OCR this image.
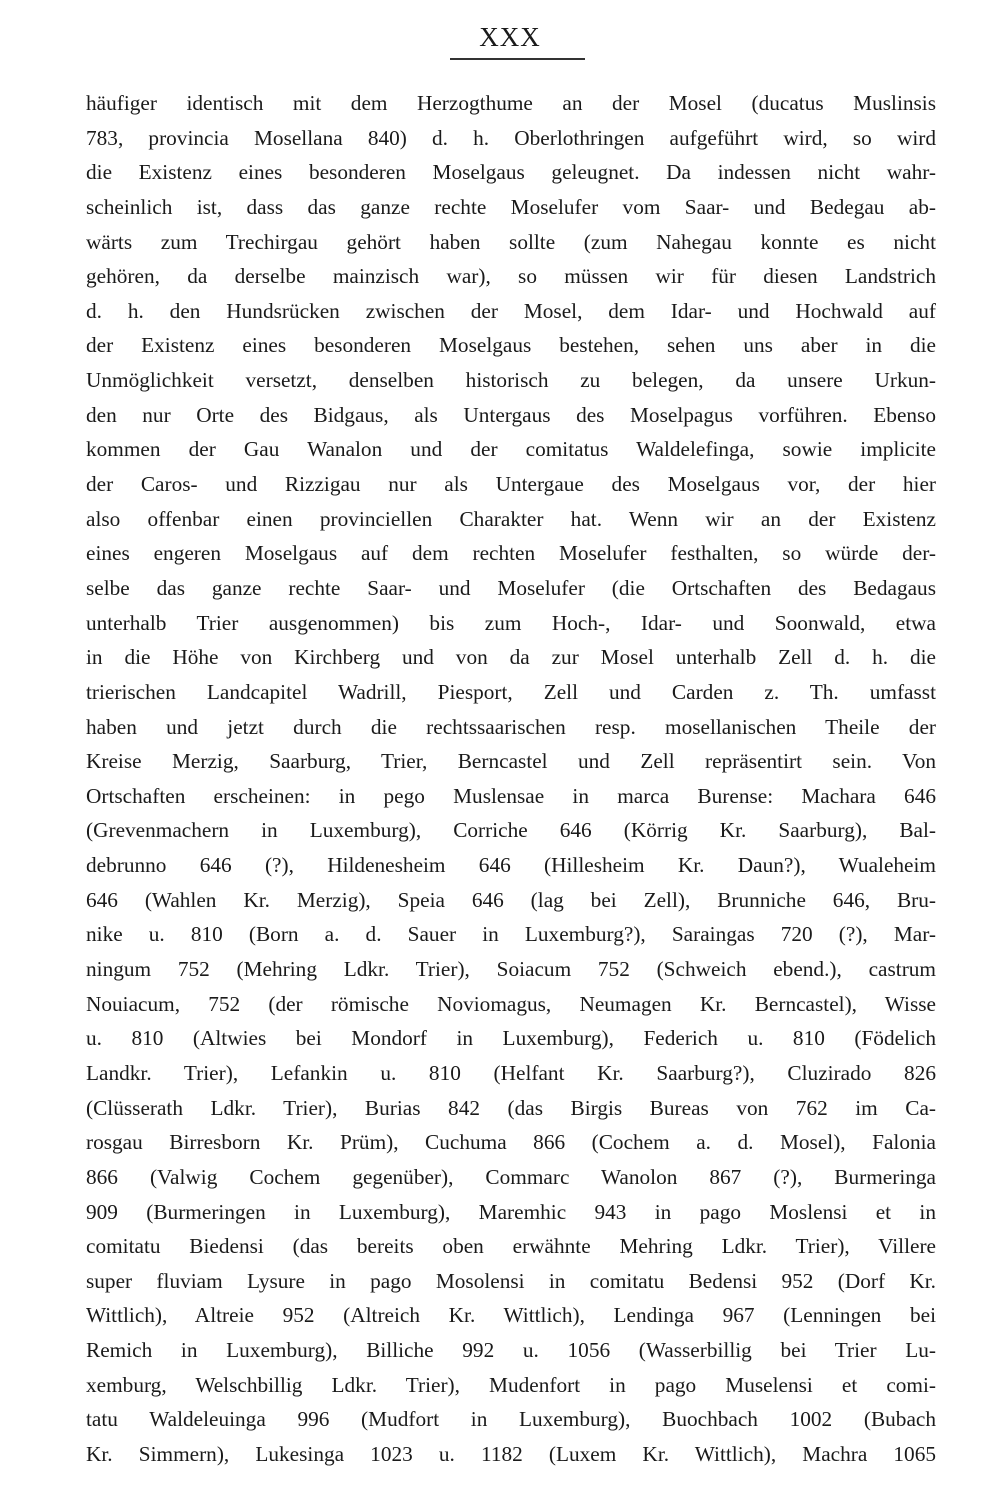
XXX
häufiger identisch mit dem Herzogthume an der Mosel (ducatus Muslinsis
783, provincia Mosellana 840) d. h. Oberlothringen aufgeführt wird, so wird
die Existenz eines besonderen Moselgaus geleugnet. Da indessen nicht wahr-
scheinlich ist, dass das ganze rechte Moselufer vom Saar- und Bedegau ab-
wärts zum Trechirgau gehört haben sollte (zum Nahegau konnte es nicht
gehören, da derselbe mainzisch war), so müssen wir für diesen Landstrich
d. h. den Hundsrücken zwischen der Mosel, dem Idar- und Hochwald auf
der Existenz eines besonderen Moselgaus bestehen, sehen uns aber in die
Unmöglichkeit versetzt, denselben historisch zu belegen, da unsere Urkun-
den nur Orte des Bidgaus, als Untergaus des Moselpagus vorführen. Ebenso
kommen der Gau Wanalon und der comitatus Waldelefinga, sowie implicite
der Caros- und Rizzigau nur als Untergaue des Moselgaus vor, der hier
also offenbar einen provinciellen Charakter hat. Wenn wir an der Existenz
eines engeren Moselgaus auf dem rechten Moselufer festhalten, so würde der-
selbe das ganze rechte Saar- und Moselufer (die Ortschaften des Bedagaus
unterhalb Trier ausgenommen) bis zum Hoch-, Idar- und Soonwald, etwa
in die Höhe von Kirchberg und von da zur Mosel unterhalb Zell d. h. die
trierischen Landcapitel Wadrill, Piesport, Zell und Carden z. Th. umfasst
haben und jetzt durch die rechtssaarischen resp. mosellanischen Theile der
Kreise Merzig, Saarburg, Trier, Berncastel und Zell repräsentirt sein. Von
Ortschaften erscheinen: in pego Muslensae in marca Burense: Machara 646
(Grevenmachern in Luxemburg), Corriche 646 (Körrig Kr. Saarburg), Bal-
debrunno 646 (?), Hildenesheim 646 (Hillesheim Kr. Daun?), Wualeheim
646 (Wahlen Kr. Merzig), Speia 646 (lag bei Zell), Brunniche 646, Bru-
nike u. 810 (Born a. d. Sauer in Luxemburg?), Saraingas 720 (?), Mar-
ningum 752 (Mehring Ldkr. Trier), Soiacum 752 (Schweich ebend.), castrum
Nouiacum, 752 (der römische Noviomagus, Neumagen Kr. Berncastel), Wisse
u. 810 (Altwies bei Mondorf in Luxemburg), Federich u. 810 (Födelich
Landkr. Trier), Lefankin u. 810 (Helfant Kr. Saarburg?), Cluzirado 826
(Clüsserath Ldkr. Trier), Burias 842 (das Birgis Bureas von 762 im Ca-
rosgau Birresborn Kr. Prüm), Cuchuma 866 (Cochem a. d. Mosel), Falonia
866 (Valwig Cochem gegenüber), Commarc Wanolon 867 (?), Burmeringa
909 (Burmeringen in Luxemburg), Maremhic 943 in pago Moslensi et in
comitatu Biedensi (das bereits oben erwähnte Mehring Ldkr. Trier), Villere
super fluviam Lysure in pago Mosolensi in comitatu Bedensi 952 (Dorf Kr.
Wittlich), Altreie 952 (Altreich Kr. Wittlich), Lendinga 967 (Lenningen bei
Remich in Luxemburg), Billiche 992 u. 1056 (Wasserbillig bei Trier Lu-
xemburg, Welschbillig Ldkr. Trier), Mudenfort in pago Muselensi et comi-
tatu Waldeleuinga 996 (Mudfort in Luxemburg), Buochbach 1002 (Bubach
Kr. Simmern), Lukesinga 1023 u. 1182 (Luxem Kr. Wittlich), Machra 1065
